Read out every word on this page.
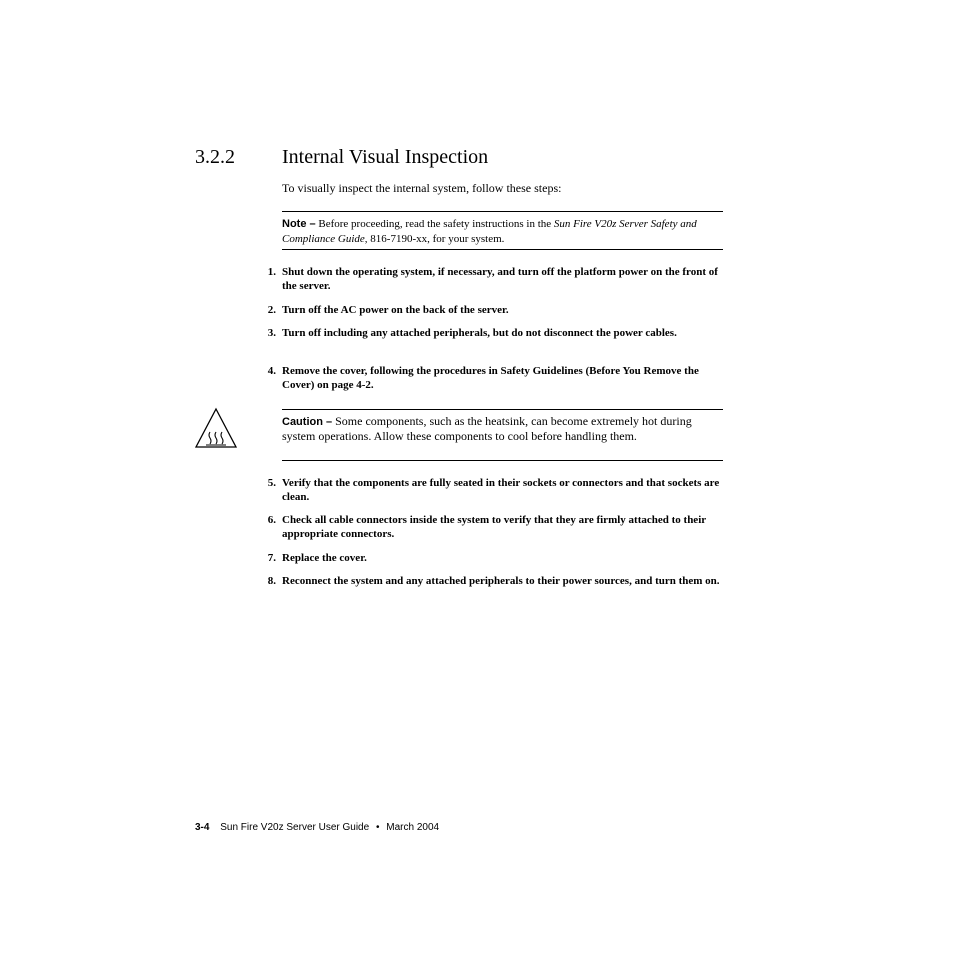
3.2.2 Internal Visual Inspection
To visually inspect the internal system, follow these steps:
Note – Before proceeding, read the safety instructions in the Sun Fire V20z Server Safety and Compliance Guide, 816-7190-xx, for your system.
1. Shut down the operating system, if necessary, and turn off the platform power on the front of the server.
2. Turn off the AC power on the back of the server.
3. Turn off including any attached peripherals, but do not disconnect the power cables.
4. Remove the cover, following the procedures in Safety Guidelines (Before You Remove the Cover) on page 4-2.
Caution – Some components, such as the heatsink, can become extremely hot during system operations. Allow these components to cool before handling them.
5. Verify that the components are fully seated in their sockets or connectors and that sockets are clean.
6. Check all cable connectors inside the system to verify that they are firmly attached to their appropriate connectors.
7. Replace the cover.
8. Reconnect the system and any attached peripherals to their power sources, and turn them on.
3-4 Sun Fire V20z Server User Guide • March 2004
